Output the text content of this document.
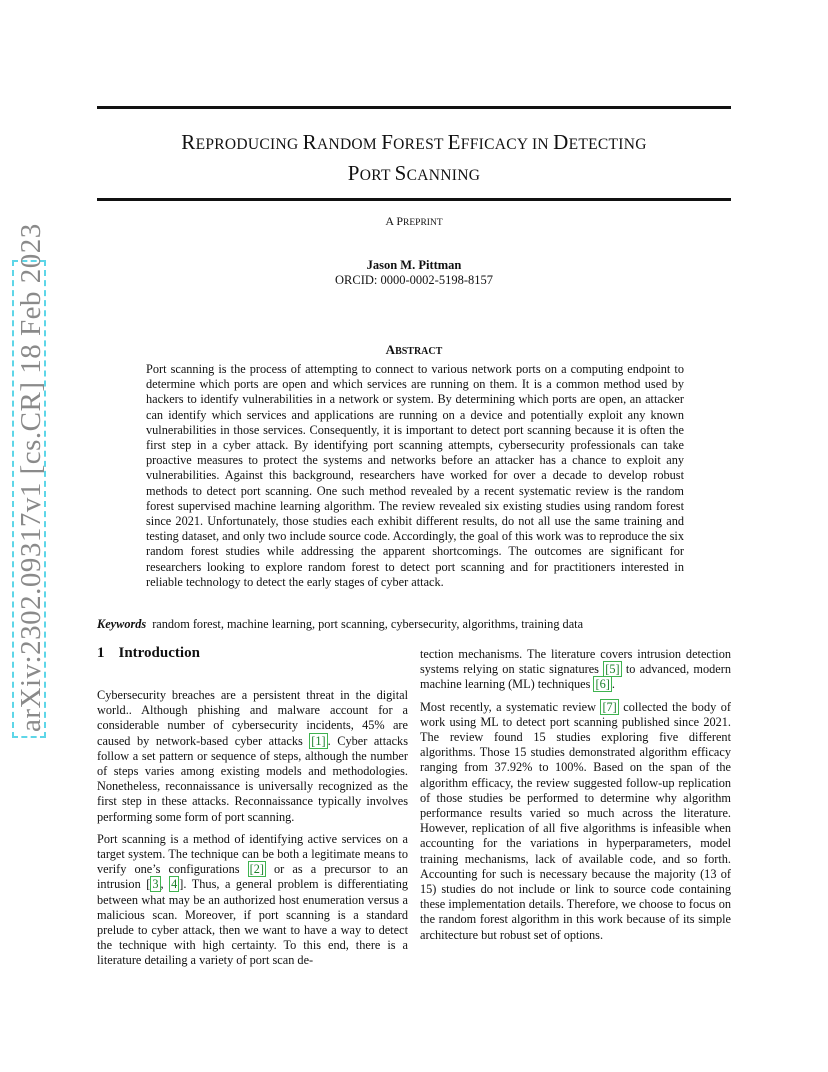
arXiv:2302.09317v1 [cs.CR] 18 Feb 2023
REPRODUCING RANDOM FOREST EFFICACY IN DETECTING
PORT SCANNING
A PREPRINT
Jason M. Pittman
ORCID: 0000-0002-5198-8157
ABSTRACT

Port scanning is the process of attempting to connect to various network ports on a computing endpoint to determine which ports are open and which services are running on them. It is a common method used by hackers to identify vulnerabilities in a network or system. By determining which ports are open, an attacker can identify which services and applications are running on a device and potentially exploit any known vulnerabilities in those services. Consequently, it is important to detect port scanning because it is often the first step in a cyber attack. By identifying port scanning attempts, cybersecurity professionals can take proactive measures to protect the systems and networks before an attacker has a chance to exploit any vulnerabilities. Against this background, researchers have worked for over a decade to develop robust methods to detect port scanning. One such method revealed by a recent systematic review is the random forest supervised machine learning algorithm. The review revealed six existing studies using random forest since 2021. Unfortunately, those studies each exhibit different results, do not all use the same training and testing dataset, and only two include source code. Accordingly, the goal of this work was to reproduce the six random forest studies while addressing the apparent shortcomings. The outcomes are significant for researchers looking to explore random forest to detect port scanning and for practitioners interested in reliable technology to detect the early stages of cyber attack.

Keywords random forest, machine learning, port scanning, cybersecurity, algorithms, training data
1 Introduction

Cybersecurity breaches are a persistent threat in the digital world.. Although phishing and malware account for a considerable number of cybersecurity incidents, 45% are caused by network-based cyber attacks [1] . Cyber attacks follow a set pattern or sequence of steps, although the number of steps varies among existing models and methodologies. Nonetheless, reconnaissance is universally recognized as the first step in these attacks. Reconnaissance typically involves performing some form of port scanning.

Port scanning is a method of identifying active services on a target system. The technique can be both a legitimate means to verify one’s configurations [2] or as a precursor to an intrusion [ 3 , 4 ]. Thus, a general problem is differentiating between what may be an authorized host enumeration versus a malicious scan. Moreover, if port scanning is a standard prelude to cyber attack, then we want to have a way to detect the technique with high certainty. To this end, there is a literature detailing a variety of port scan de-

tection mechanisms. The literature covers intrusion detection systems relying on static signatures [5] to advanced, modern machine learning (ML) techniques [6] .

Most recently, a systematic review [7] collected the body of work using ML to detect port scanning published since 2021. The review found 15 studies exploring five different algorithms. Those 15 studies demonstrated algorithm efficacy ranging from 37.92% to 100%. Based on the span of the algorithm efficacy, the review suggested follow-up replication of those studies be performed to determine why algorithm performance results varied so much across the literature. However, replication of all five algorithms is infeasible when accounting for the variations in hyperparameters, model training mechanisms, lack of available code, and so forth. Accounting for such is necessary because the majority (13 of 15) studies do not include or link to source code containing these implementation details. Therefore, we choose to focus on the random forest algorithm in this work because of its simple architecture but robust set of options.
